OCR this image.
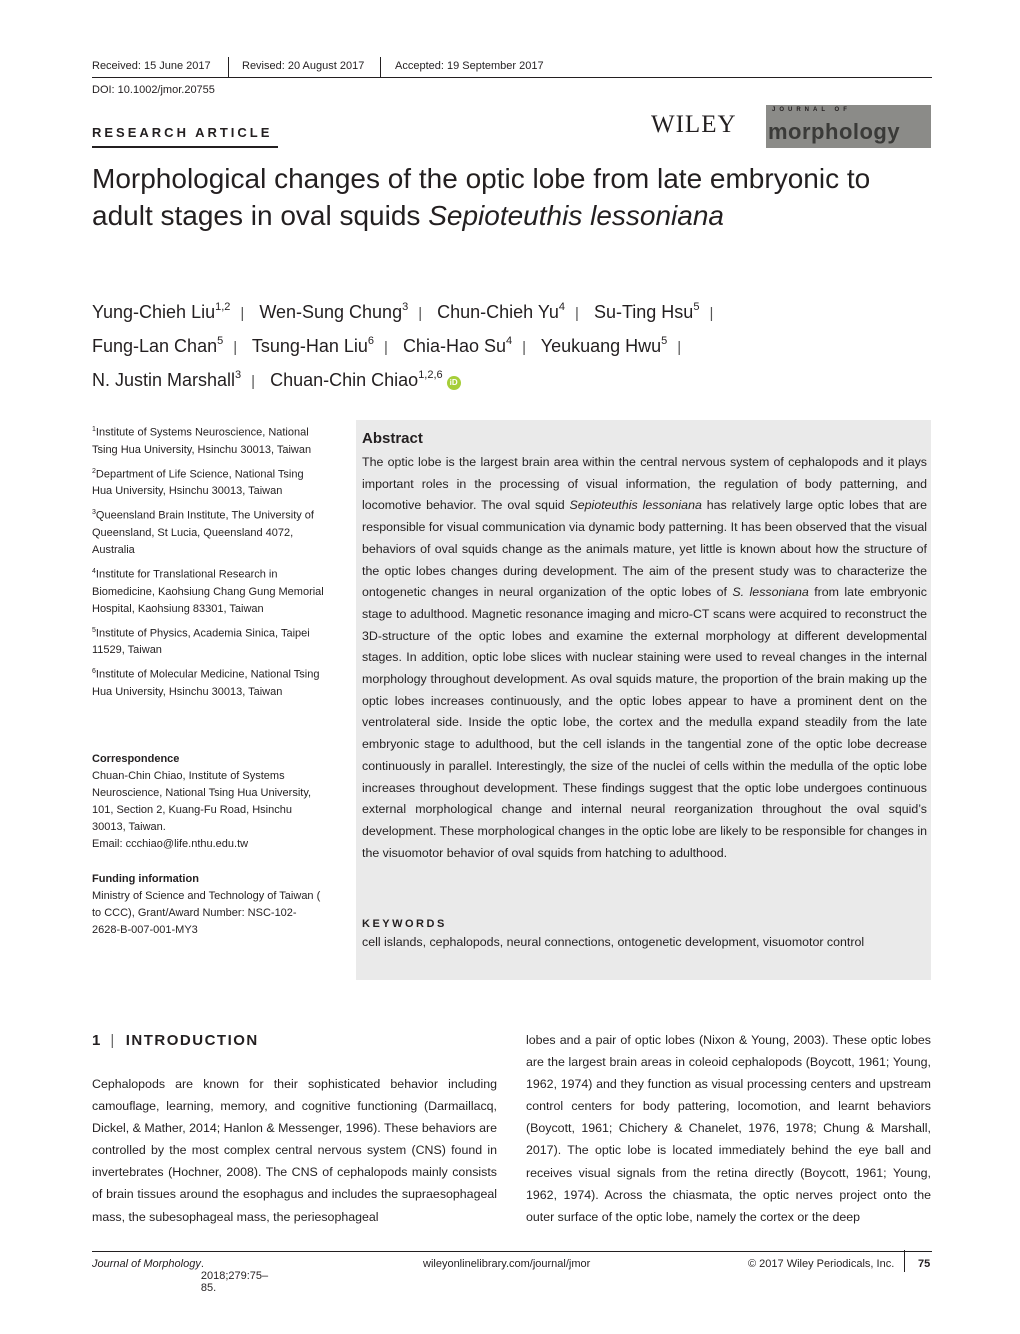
Received: 15 June 2017	Revised: 20 August 2017	Accepted: 19 September 2017
DOI: 10.1002/jmor.20755
RESEARCH ARTICLE	WILEY
JOURNAL OF
morphology
Morphological changes of the optic lobe from late embryonic to adult stages in oval squids Sepioteuthis lessoniana
Yung-Chieh Liu$^{1,2}$ | Wen-Sung Chung$^3$ | Chun-Chieh Yu$^4$ | Su-Ting Hsu$^5$ |
Fung-Lan Chan$^5$ | Tsung-Han Liu$^6$ | Chia-Hao Su$^4$ | Yeukuang Hwu$^5$ |
N. Justin Marshall$^3$ | Chuan-Chin Chiao$^{1,2,6}$iD

$^1$Institute of Systems Neuroscience, National Tsing Hua University, Hsinchu 30013, Taiwan

$^2$Department of Life Science, National Tsing Hua University, Hsinchu 30013, Taiwan

$^3$Queensland Brain Institute, The University of Queensland, St Lucia, Queensland 4072, Australia

$^4$Institute for Translational Research in Biomedicine, Kaohsiung Chang Gung Memorial Hospital, Kaohsiung 83301, Taiwan

$^5$Institute of Physics, Academia Sinica, Taipei 11529, Taiwan

$^6$Institute of Molecular Medicine, National Tsing Hua University, Hsinchu 30013, Taiwan

Correspondence
Chuan-Chin Chiao, Institute of Systems Neuroscience, National Tsing Hua University, 101, Section 2, Kuang-Fu Road, Hsinchu 30013, Taiwan.
Email: ccchiao@life.nthu.edu.tw

Funding information
Ministry of Science and Technology of Taiwan ( to CCC), Grant/Award Number: NSC-102-2628-B-007-001-MY3

Abstract
The optic lobe is the largest brain area within the central nervous system of cephalopods and it plays important roles in the processing of visual information, the regulation of body patterning, and locomotive behavior. The oval squid Sepioteuthis lessoniana has relatively large optic lobes that are responsible for visual communication via dynamic body patterning. It has been observed that the visual behaviors of oval squids change as the animals mature, yet little is known about how the structure of the optic lobes changes during development. The aim of the present study was to characterize the ontogenetic changes in neural organization of the optic lobes of S. lessoniana from late embryonic stage to adulthood. Magnetic resonance imaging and micro-CT scans were acquired to reconstruct the 3D-structure of the optic lobes and examine the external morphology at different developmental stages. In addition, optic lobe slices with nuclear staining were used to reveal changes in the internal morphology throughout development. As oval squids mature, the proportion of the brain making up the optic lobes increases continuously, and the optic lobes appear to have a prominent dent on the ventrolateral side. Inside the optic lobe, the cortex and the medulla expand steadily from the late embryonic stage to adulthood, but the cell islands in the tangential zone of the optic lobe decrease continuously in parallel. Interestingly, the size of the nuclei of cells within the medulla of the optic lobe increases throughout development. These findings suggest that the optic lobe undergoes continuous external morphological change and internal neural reorganization throughout the oval squid’s development. These morphological changes in the optic lobe are likely to be responsible for changes in the visuomotor behavior of oval squids from hatching to adulthood.
KEYWORDS
cell islands, cephalopods, neural connections, ontogenetic development, visuomotor control
1 | INTRODUCTION
Cephalopods are known for their sophisticated behavior including camouflage, learning, memory, and cognitive functioning (Darmaillacq, Dickel, & Mather, 2014; Hanlon & Messenger, 1996). These behaviors are controlled by the most complex central nervous system (CNS) found in invertebrates (Hochner, 2008). The CNS of cephalopods mainly consists of brain tissues around the esophagus and includes the supraesophageal mass, the subesophageal mass, the periesophageal
lobes and a pair of optic lobes (Nixon & Young, 2003). These optic lobes are the largest brain areas in coleoid cephalopods (Boycott, 1961; Young, 1962, 1974) and they function as visual processing centers and upstream control centers for body pattering, locomotion, and learnt behaviors (Boycott, 1961; Chichery & Chanelet, 1976, 1978; Chung & Marshall, 2017). The optic lobe is located immediately behind the eye ball and receives visual signals from the retina directly (Boycott, 1961; Young, 1962, 1974). Across the chiasmata, the optic nerves project onto the outer surface of the optic lobe, namely the cortex or the deep
Journal of Morphology . 2018;279:75–85.
wileyonlinelibrary.com/journal/jmor	© 2017 Wiley Periodicals, Inc. 75
